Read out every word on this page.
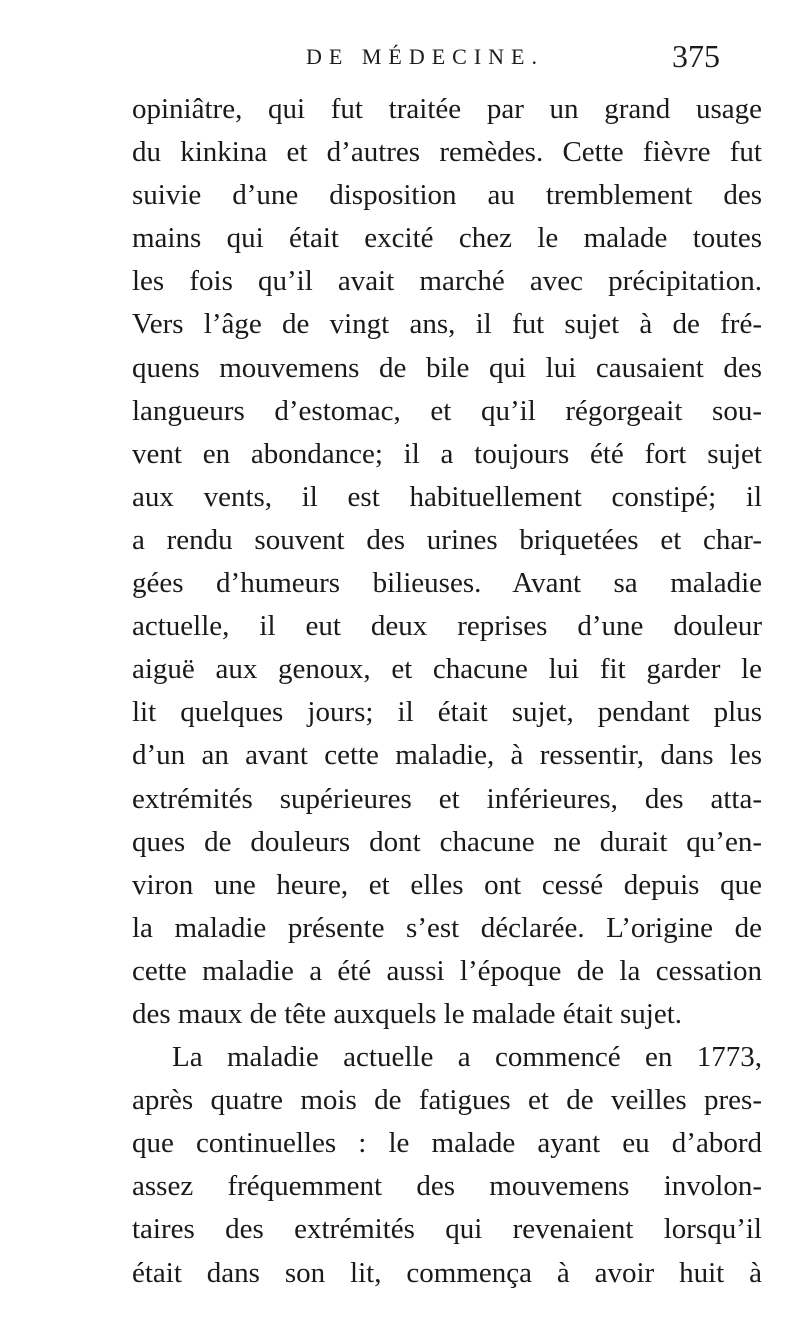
DE MÉDECINE.	375
opiniâtre, qui fut traitée par un grand usage
du kinkina et d’autres remèdes. Cette fièvre fut
suivie d’une disposition au tremblement des
mains qui était excité chez le malade toutes
les fois qu’il avait marché avec précipitation.
Vers l’âge de vingt ans, il fut sujet à de fré-
quens mouvemens de bile qui lui causaient des
langueurs d’estomac, et qu’il régorgeait sou-
vent en abondance; il a toujours été fort sujet
aux vents, il est habituellement constipé; il
a rendu souvent des urines briquetées et char-
gées d’humeurs bilieuses. Avant sa maladie
actuelle, il eut deux reprises d’une douleur
aiguë aux genoux, et chacune lui fit garder le
lit quelques jours; il était sujet, pendant plus
d’un an avant cette maladie, à ressentir, dans les
extrémités supérieures et inférieures, des atta-
ques de douleurs dont chacune ne durait qu’en-
viron une heure, et elles ont cessé depuis que
la maladie présente s’est déclarée. L’origine de
cette maladie a été aussi l’époque de la cessation
des maux de tête auxquels le malade était sujet.
La maladie actuelle a commencé en 1773,
après quatre mois de fatigues et de veilles pres-
que continuelles : le malade ayant eu d’abord
assez fréquemment des mouvemens involon-
taires des extrémités qui revenaient lorsqu’il
était dans son lit, commença à avoir huit à
